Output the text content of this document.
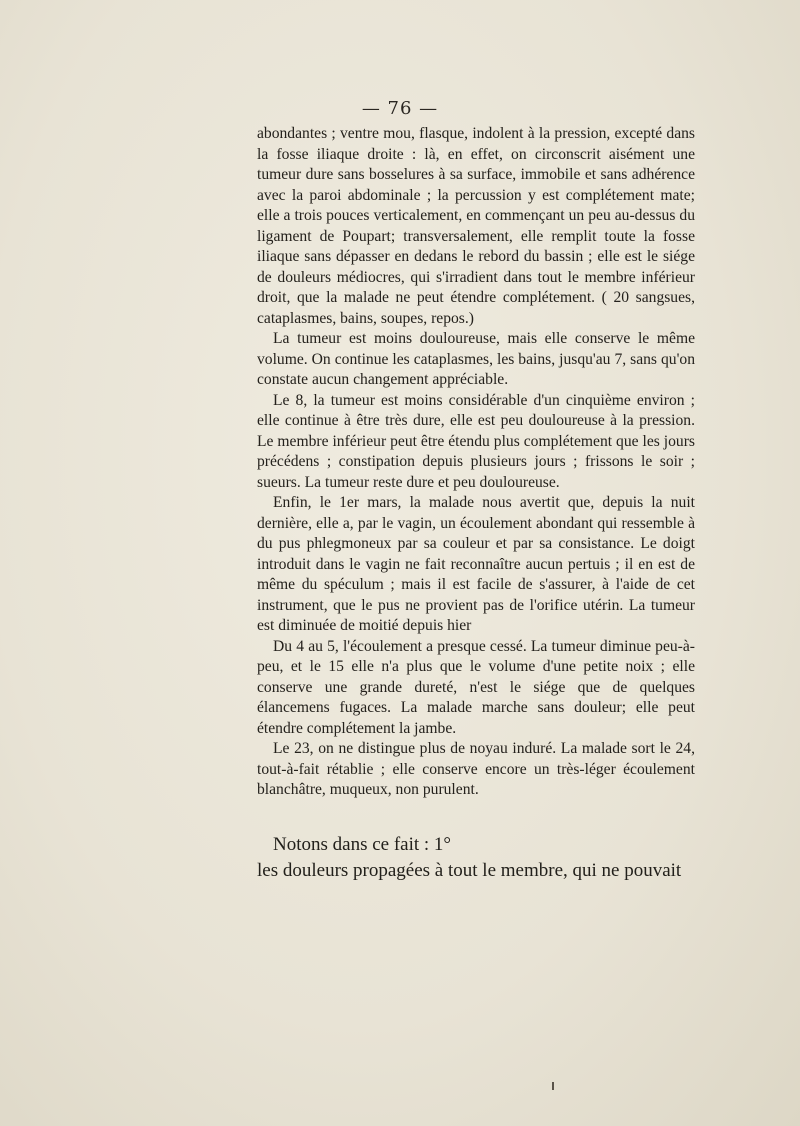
— 76 —

abondantes ; ventre mou, flasque, indolent à la pression, excepté dans la fosse iliaque droite : là, en effet, on circonscrit aisément une tumeur dure sans bosselures à sa surface, immobile et sans adhérence avec la paroi abdominale ; la percussion y est complétement mate; elle a trois pouces verticalement, en commençant un peu au-dessus du ligament de Poupart; transversalement, elle remplit toute la fosse iliaque sans dépasser en dedans le rebord du bassin ; elle est le siége de douleurs médiocres, qui s'irradient dans tout le membre inférieur droit, que la malade ne peut étendre complétement. ( 20 sangsues, cataplasmes, bains, soupes, repos.)

La tumeur est moins douloureuse, mais elle conserve le même volume. On continue les cataplasmes, les bains, jusqu'au 7, sans qu'on constate aucun changement appréciable.

Le 8, la tumeur est moins considérable d'un cinquième environ ; elle continue à être très dure, elle est peu douloureuse à la pression. Le membre inférieur peut être étendu plus complétement que les jours précédens ; constipation depuis plusieurs jours ; frissons le soir ; sueurs. La tumeur reste dure et peu douloureuse.

Enfin, le 1er mars, la malade nous avertit que, depuis la nuit dernière, elle a, par le vagin, un écoulement abondant qui ressemble à du pus phlegmoneux par sa couleur et par sa consistance. Le doigt introduit dans le vagin ne fait reconnaître aucun pertuis ; il en est de même du spéculum ; mais il est facile de s'assurer, à l'aide de cet instrument, que le pus ne provient pas de l'orifice utérin. La tumeur est diminuée de moitié depuis hier

Du 4 au 5, l'écoulement a presque cessé. La tumeur diminue peu-à-peu, et le 15 elle n'a plus que le volume d'une petite noix ; elle conserve une grande dureté, n'est le siége que de quelques élancemens fugaces. La malade marche sans douleur; elle peut étendre complétement la jambe.

Le 23, on ne distingue plus de noyau induré. La malade sort le 24, tout-à-fait rétablie ; elle conserve encore un très-léger écoulement blanchâtre, muqueux, non purulent.

Notons dans ce fait : 1°

les douleurs propagées à tout le membre, qui ne pouvait
